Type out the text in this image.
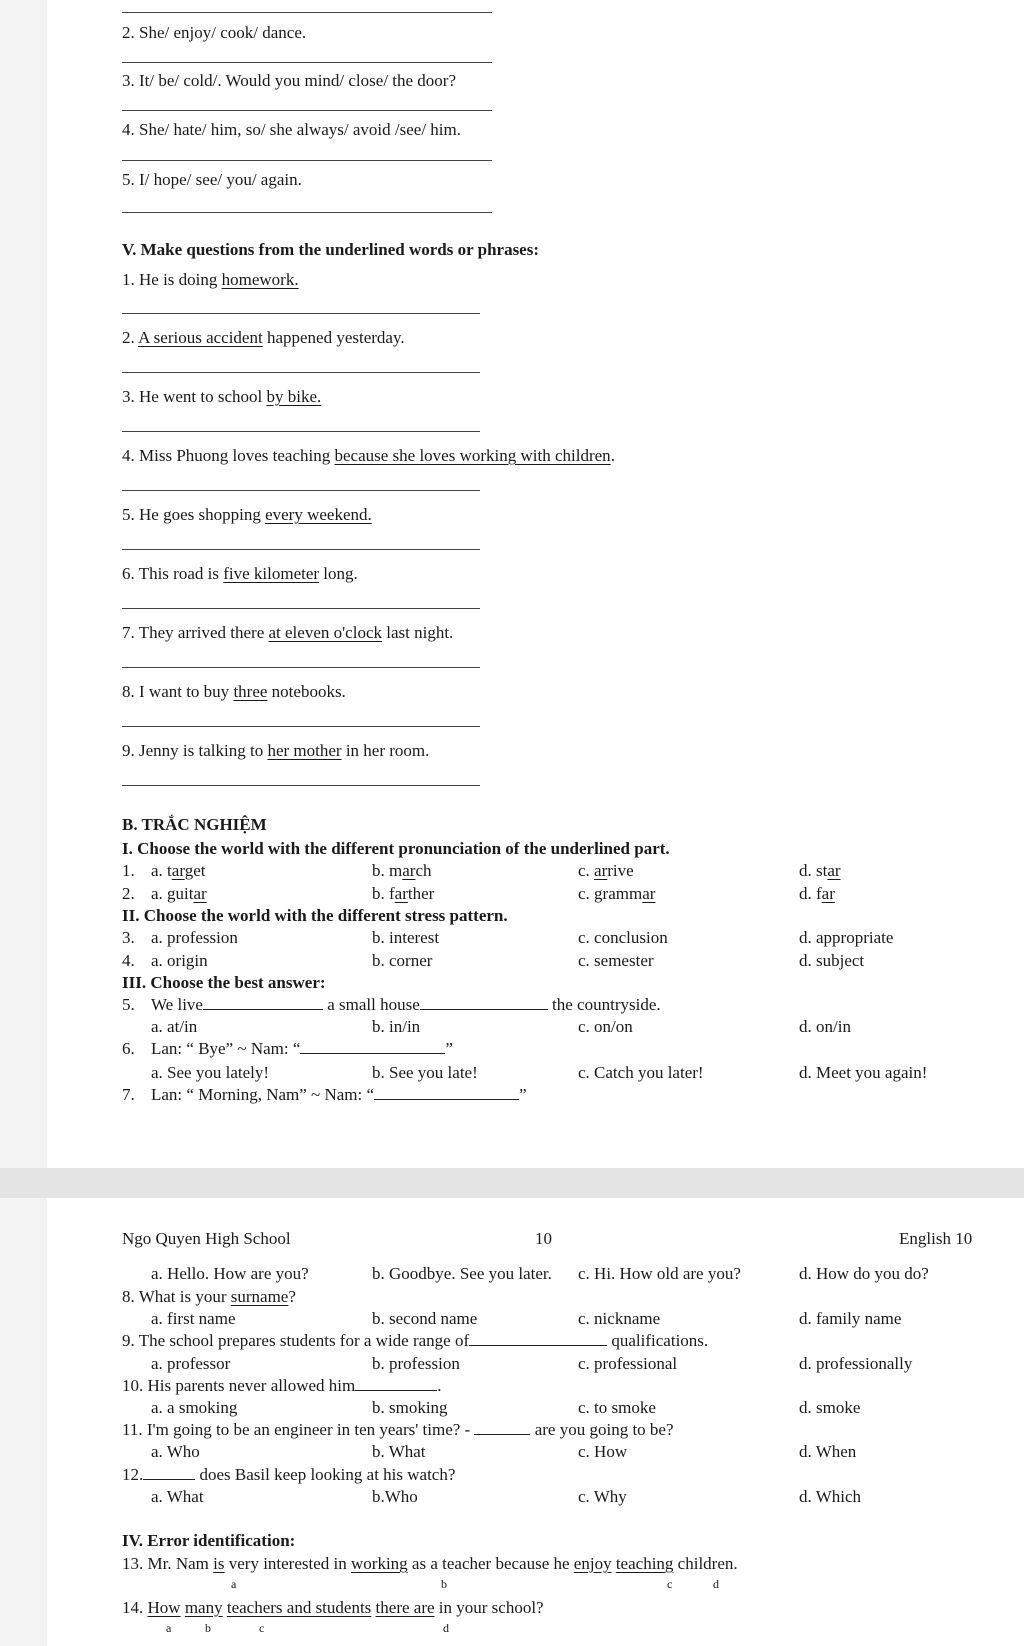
2. She/ enjoy/ cook/ dance.
3. It/ be/ cold/. Would you mind/ close/ the door?
4. She/ hate/ him, so/ she always/ avoid /see/ him.
5. I/ hope/ see/ you/ again.
V. Make questions from the underlined words or phrases:
1. He is doing homework.
2. A serious accident happened yesterday.
3. He went to school by bike.
4. Miss Phuong loves teaching because she loves working with children.
5. He goes shopping every weekend.
6. This road is five kilometer long.
7. They arrived there at eleven o'clock last night.
8. I want to buy three notebooks.
9. Jenny is talking to her mother in her room.
B. TRẮC NGHIỆM
I. Choose the world with the different pronunciation of the underlined part.
1. a. target	b. march	c. arrive	d. star
2. a. guitar	b. farther	c. grammar	d. far
II. Choose the world with the different stress pattern.
3. a. profession	b. interest	c. conclusion	d. appropriate
4. a. origin	b. corner	c. semester	d. subject
III. Choose the best answer:
5. We live	a small house	the countryside.
a. at/in	b. in/in	c. on/on	d. on/in
6. Lan: “ Bye” ~ Nam: “	”
a. See you lately!	b. See you late!	c. Catch you later!	d. Meet you again!
7. Lan: “ Morning, Nam” ~ Nam: “	”
Ngo Quyen High School	10	English 10
a. Hello. How are you?	b. Goodbye. See you later. c. Hi. How old are you?	d. How do you do?
8. What is your surname?
a. first name	b. second name	c. nickname	d. family name
9. The school prepares students for a wide range of	qualifications.
a. professor	b. profession	c. professional	d. professionally
10. His parents never allowed him	.
a. a smoking	b. smoking	c. to smoke	d. smoke
11. I'm going to be an engineer in ten years' time? -	are you going to be?
a. Who	b. What	c. How	d. When
12.	does Basil keep looking at his watch?
a. What	b.Who	c. Why	d. Which
IV. Error identification:
13. Mr. Nam is very interested in working as a teacher because he enjoy teaching children.
a	b	c	d
14. How many teachers and students there are in your school?
a	b	c	d
